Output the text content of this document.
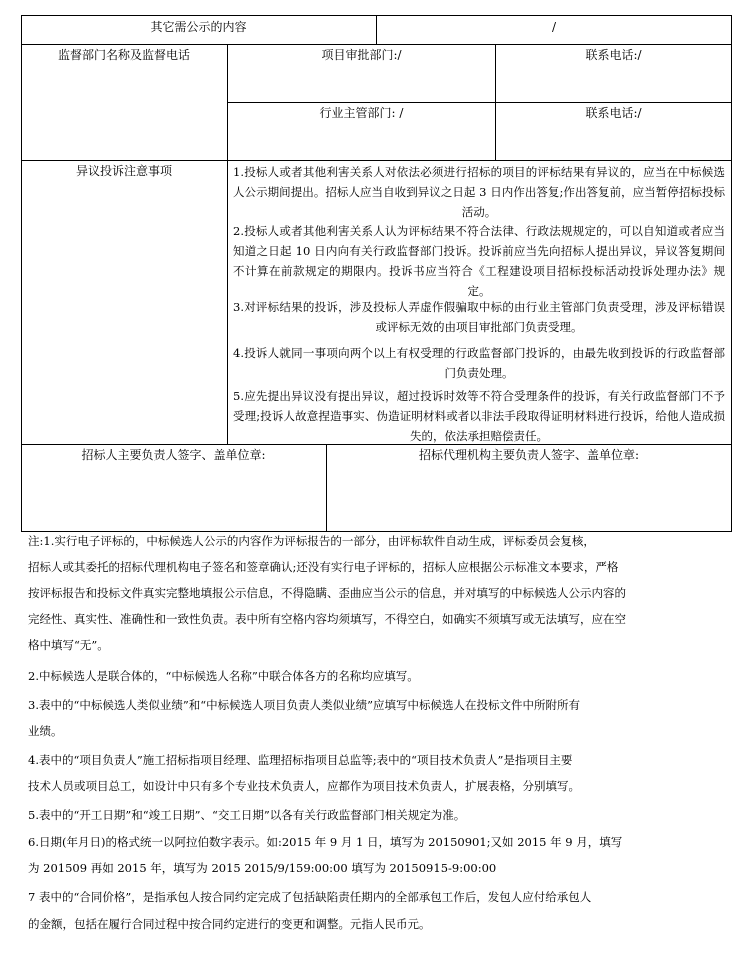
其它需公示的内容	/
监督部门名称及监督电话	项目审批部门:/	联系电话:/
行业主管部门: /	联系电话:/
异议投诉注意事项	1.投标人或者其他利害关系人对依法必须进行招标的项目的评标结果有异议的，应当在中标候选人公示期间提出。招标人应当自收到异议之日起 3 日内作出答复;作出答复前，应当暂停招标投标活动。
2.投标人或者其他利害关系人认为评标结果不符合法律、行政法规规定的，可以自知道或者应当知道之日起 10 日内向有关行政监督部门投诉。投诉前应当先向招标人提出异议，异议答复期间不计算在前款规定的期限内。投诉书应当符合《工程建设项目招标投标活动投诉处理办法》规定。
3.对评标结果的投诉，涉及投标人弄虚作假骗取中标的由行业主管部门负责受理，涉及评标错误或评标无效的由项目审批部门负责受理。
4.投诉人就同一事项向两个以上有权受理的行政监督部门投诉的，由最先收到投诉的行政监督部门负责处理。
5.应先提出异议没有提出异议，超过投诉时效等不符合受理条件的投诉，有关行政监督部门不予受理;投诉人故意捏造事实、伪造证明材料或者以非法手段取得证明材料进行投诉，给他人造成损失的，依法承担赔偿责任。
招标人主要负责人签字、盖单位章:	招标代理机构主要负责人签字、盖单位章:
注:1.实行电子评标的，中标候选人公示的内容作为评标报告的一部分，由评标软件自动生成，评标委员会复核，
招标人或其委托的招标代理机构电子签名和签章确认;还没有实行电子评标的，招标人应根据公示标准文本要求，严格
按评标报告和投标文件真实完整地填报公示信息，不得隐瞒、歪曲应当公示的信息，并对填写的中标候选人公示内容的
完经性、真实性、准确性和一致性负责。表中所有空格内容均须填写，不得空白，如确实不须填写或无法填写，应在空
格中填写“无”。
2.中标候选人是联合体的，“中标候选人名称”中联合体各方的名称均应填写。
3.表中的“中标候选人类似业绩”和“中标候选人项目负责人类似业绩”应填写中标候选人在投标文件中所附所有
业绩。
4.表中的“项目负责人”施工招标指项目经理、监理招标指项目总监等;表中的“项目技术负责人”是指项目主要
技术人员或项目总工，如设计中只有多个专业技术负责人，应都作为项目技术负责人，扩展表格，分别填写。
5.表中的“开工日期”和“竣工日期”、“交工日期”以各有关行政监督部门相关规定为准。
6.日期(年月日)的格式统一以阿拉伯数字表示。如:2015 年 9 月 1 日，填写为 20150901;又如 2015 年 9 月，填写
为 201509 再如 2015 年，填写为 2015 2015/9/159:00:00 填写为 20150915-9:00:00
7 表中的“合同价格”，是指承包人按合同约定完成了包括缺陷责任期内的全部承包工作后，发包人应付给承包人
的金额，包括在履行合同过程中按合同约定进行的变更和调整。元指人民币元。
